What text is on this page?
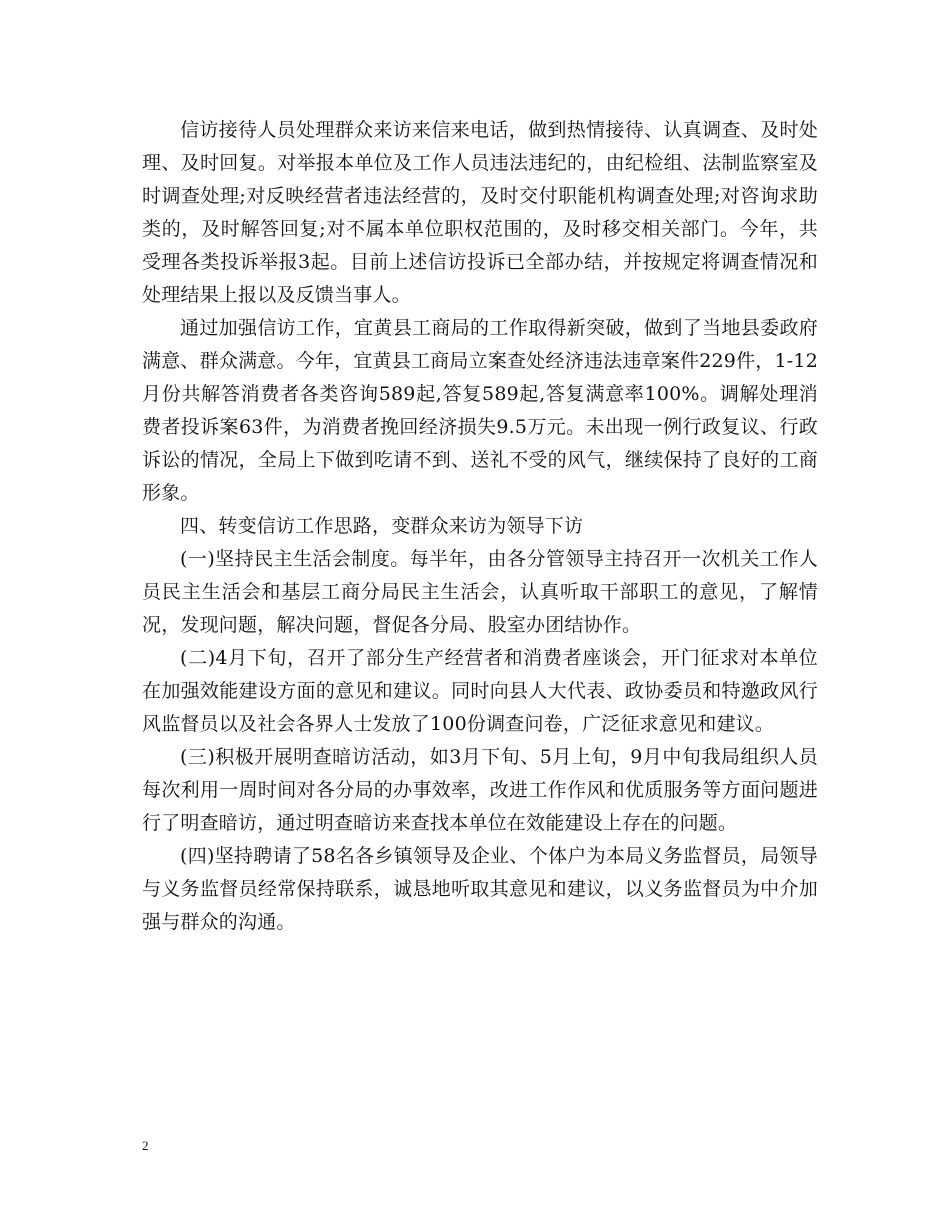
信访接待人员处理群众来访来信来电话，做到热情接待、认真调查、及时处理、及时回复。对举报本单位及工作人员违法违纪的，由纪检组、法制监察室及时调查处理;对反映经营者违法经营的，及时交付职能机构调查处理;对咨询求助类的，及时解答回复;对不属本单位职权范围的，及时移交相关部门。今年，共受理各类投诉举报3起。目前上述信访投诉已全部办结，并按规定将调查情况和处理结果上报以及反馈当事人。

通过加强信访工作，宜黄县工商局的工作取得新突破，做到了当地县委政府满意、群众满意。今年，宜黄县工商局立案查处经济违法违章案件229件，1-12月份共解答消费者各类咨询589起,答复589起,答复满意率100%。调解处理消费者投诉案63件，为消费者挽回经济损失9.5万元。未出现一例行政复议、行政诉讼的情况，全局上下做到吃请不到、送礼不受的风气，继续保持了良好的工商形象。

四、转变信访工作思路，变群众来访为领导下访

(一)坚持民主生活会制度。每半年，由各分管领导主持召开一次机关工作人员民主生活会和基层工商分局民主生活会，认真听取干部职工的意见，了解情况，发现问题，解决问题，督促各分局、股室办团结协作。

(二)4月下旬，召开了部分生产经营者和消费者座谈会，开门征求对本单位在加强效能建设方面的意见和建议。同时向县人大代表、政协委员和特邀政风行风监督员以及社会各界人士发放了100份调查问卷，广泛征求意见和建议。

(三)积极开展明查暗访活动，如3月下旬、5月上旬，9月中旬我局组织人员每次利用一周时间对各分局的办事效率，改进工作作风和优质服务等方面问题进行了明查暗访，通过明查暗访来查找本单位在效能建设上存在的问题。

(四)坚持聘请了58名各乡镇领导及企业、个体户为本局义务监督员，局领导与义务监督员经常保持联系，诚恳地听取其意见和建议，以义务监督员为中介加强与群众的沟通。

2
